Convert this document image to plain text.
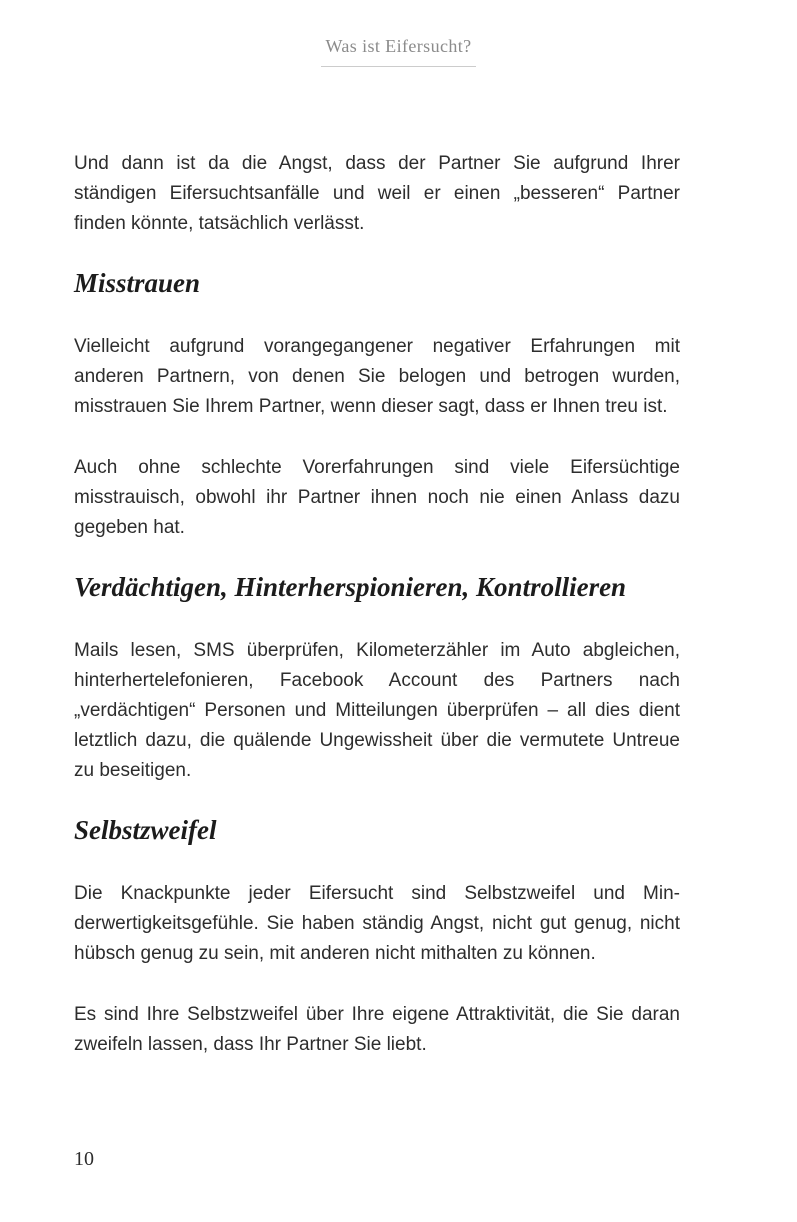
Was ist Eifersucht?

Und dann ist da die Angst, dass der Partner Sie aufgrund Ihrer ständigen Eifersuchtsanfälle und weil er einen „besseren“ Partner finden könnte, tatsächlich verlässt.

Misstrauen

Vielleicht aufgrund vorangegangener negativer Erfahrungen mit anderen Partnern, von denen Sie belogen und betrogen wurden, misstrauen Sie Ihrem Partner, wenn dieser sagt, dass er Ihnen treu ist.

Auch ohne schlechte Vorerfahrungen sind viele Eifersüchtige misstrauisch, obwohl ihr Partner ihnen noch nie einen Anlass dazu gegeben hat.

Verdächtigen, Hinterherspionieren, Kontrollieren

Mails lesen, SMS überprüfen, Kilometerzähler im Auto abgleichen, hinterhertelefonieren, Facebook Account des Partners nach „verdächtigen“ Personen und Mitteilungen überprüfen – all dies dient letztlich dazu, die quälende Ungewissheit über die vermutete Untreue zu beseitigen.

Selbstzweifel

Die Knackpunkte jeder Eifersucht sind Selbstzweifel und Minderwertigkeitsgefühle. Sie haben ständig Angst, nicht gut genug, nicht hübsch genug zu sein, mit anderen nicht mithalten zu können.

Es sind Ihre Selbstzweifel über Ihre eigene Attraktivität, die Sie daran zweifeln lassen, dass Ihr Partner Sie liebt.

10
